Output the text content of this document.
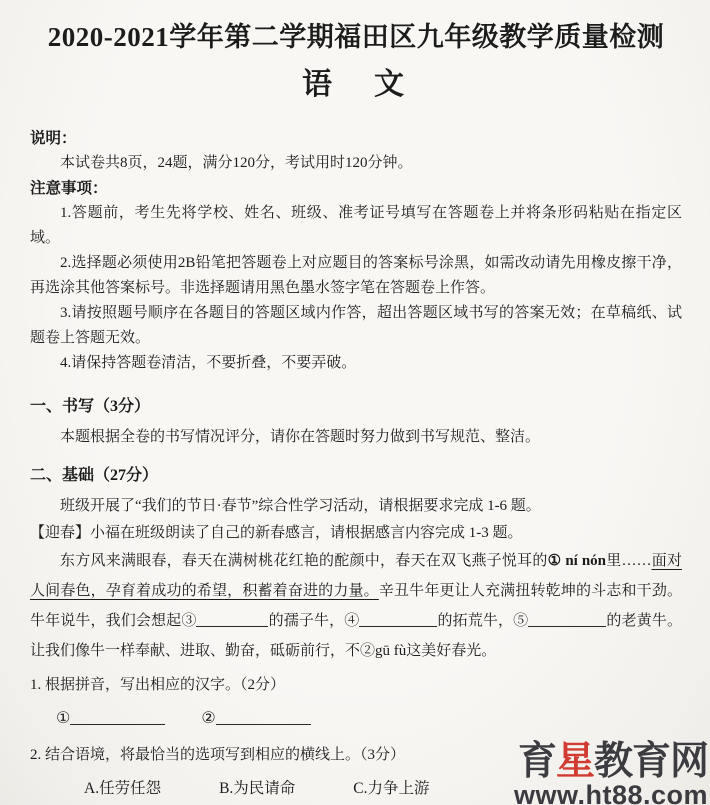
2020-2021学年第二学期福田区九年级教学质量检测
语　文

说明：

本试卷共8页，24题，满分120分，考试用时120分钟。

注意事项：

1.答题前，考生先将学校、姓名、班级、准考证号填写在答题卷上并将条形码粘贴在指定区域。

2.选择题必须使用2B铅笔把答题卷上对应题目的答案标号涂黑，如需改动请先用橡皮擦干净，再选涂其他答案标号。非选择题请用黑色墨水签字笔在答题卷上作答。

3.请按照题号顺序在各题目的答题区域内作答，超出答题区域书写的答案无效；在草稿纸、试题卷上答题无效。

4.请保持答题卷清洁，不要折叠，不要弄破。

一、书写（3分）

本题根据全卷的书写情况评分，请你在答题时努力做到书写规范、整洁。

二、基础（27分）

班级开展了“我们的节日·春节”综合性学习活动，请根据要求完成 1-6 题。

【迎春】小福在班级朗读了自己的新春感言，请根据感言内容完成 1-3 题。

东方风来满眼春，春天在满树桃花红艳的酡颜中，春天在双飞燕子悦耳的① ní nón里……面对人间春色，孕育着成功的希望，积蓄着奋进的力量。辛丑牛年更让人充满扭转乾坤的斗志和干劲。牛年说牛，我们会想起③	的孺子牛，④	的拓荒牛，⑤	的老黄牛。让我们像牛一样奉献、进取、勤奋，砥砺前行，不②gū fù这美好春光。

1. 根据拼音，写出相应的汉字。（2分）

①	②

2. 结合语境，将最恰当的选项写到相应的横线上。（3分）

A.任劳任怨	B.为民请命	C.力争上游

育星教育网
www.ht88.com
